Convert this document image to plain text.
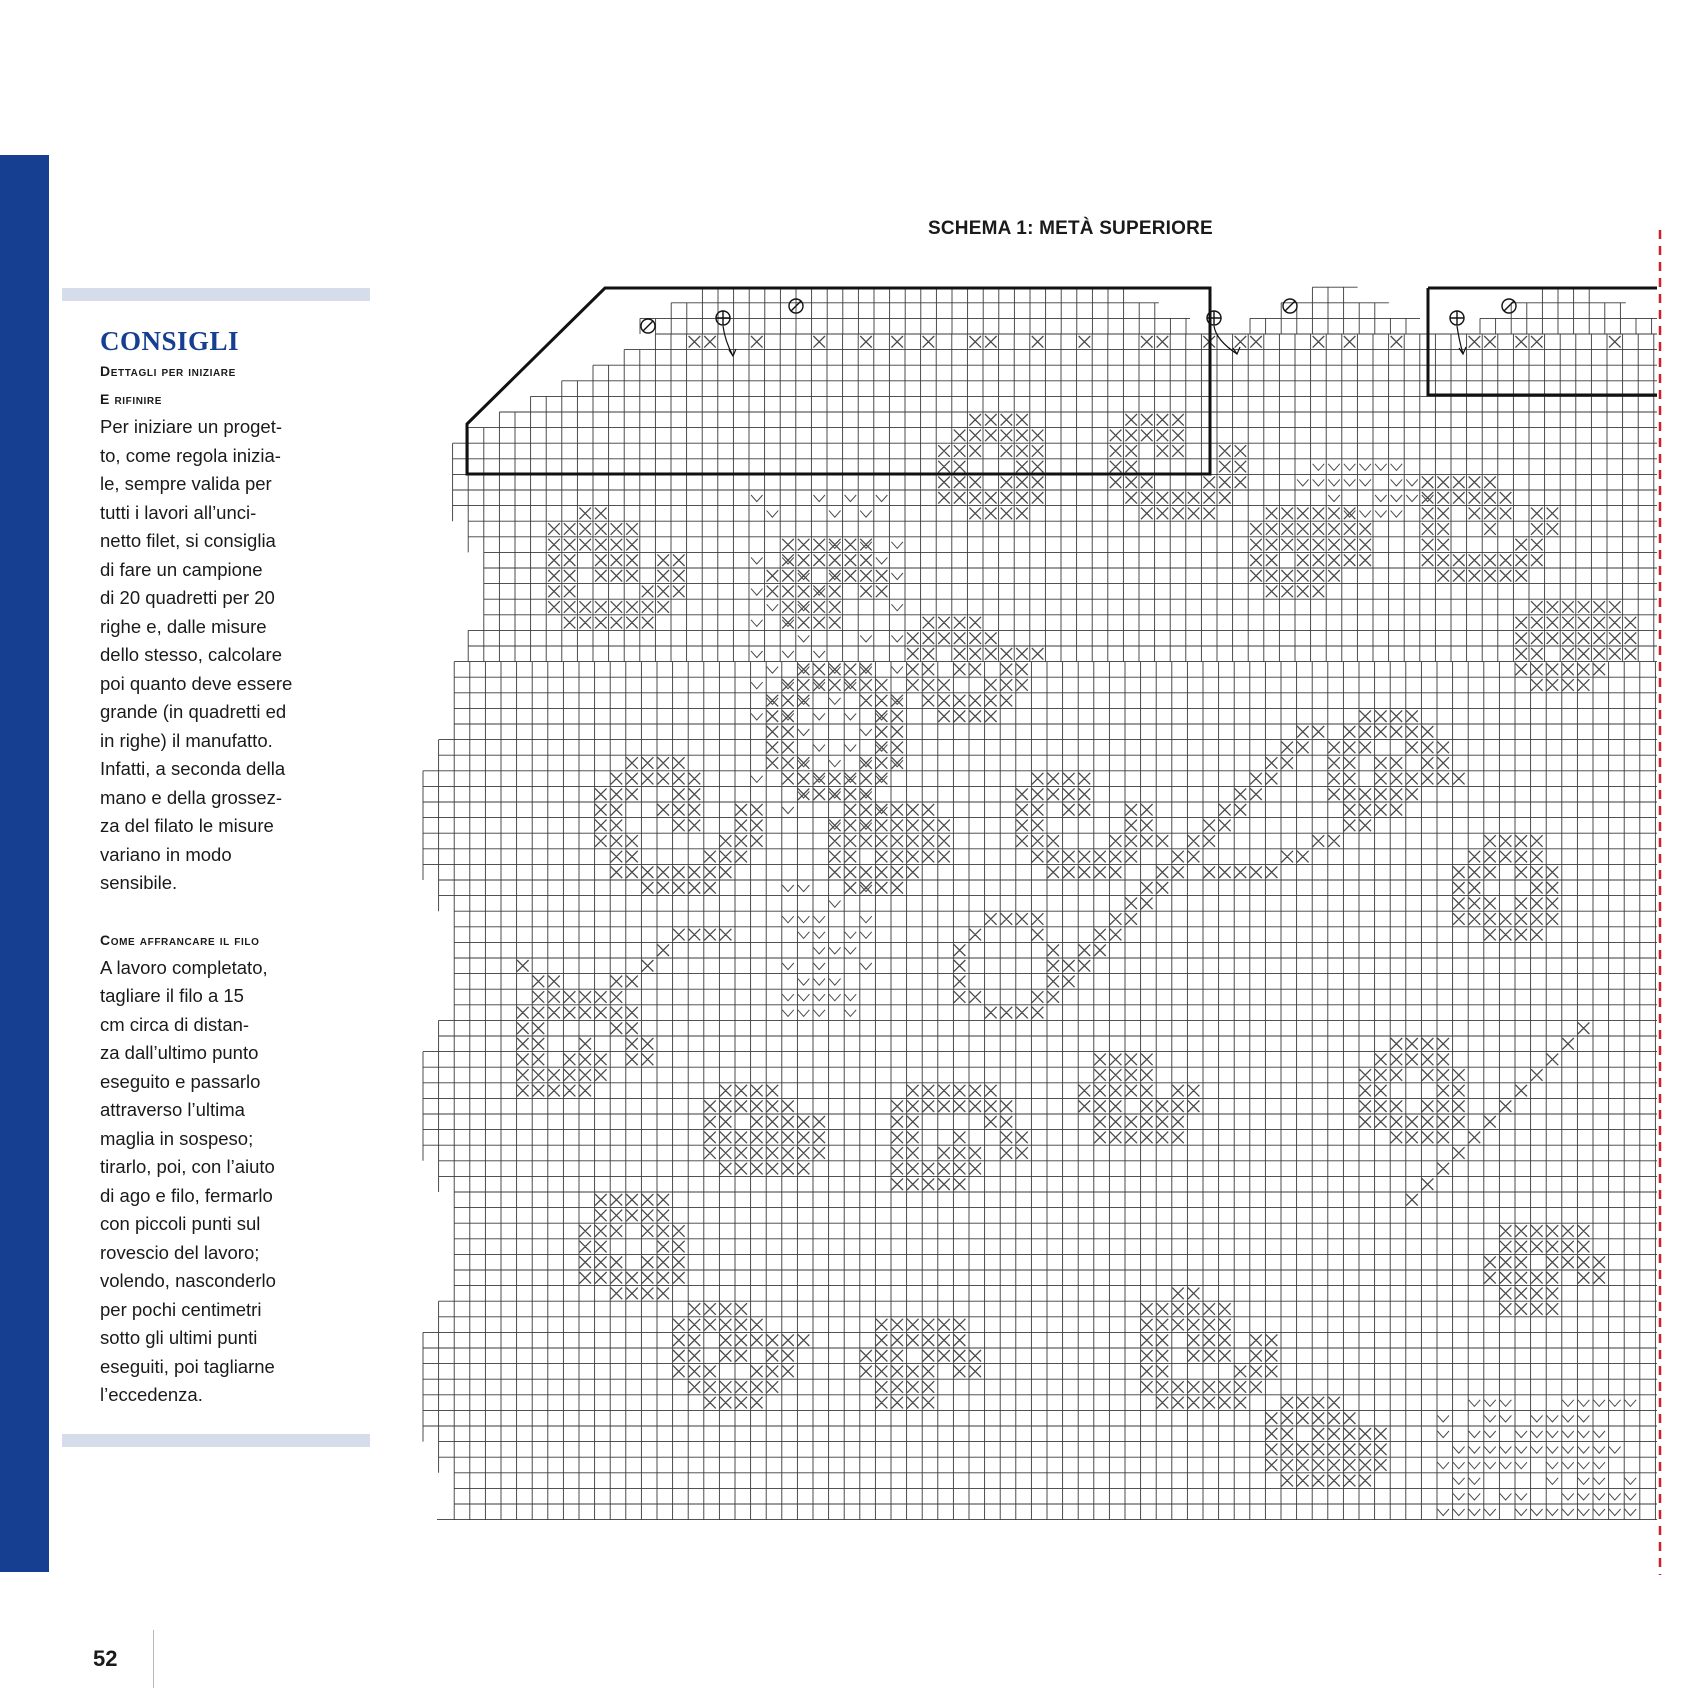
CONSIGLI
Dettagli per iniziare
E rifinire

Per iniziare un proget-
to, come regola inizia-
le, sempre valida per
tutti i lavori all’unci-
netto filet, si consiglia
di fare un campione
di 20 quadretti per 20
righe e, dalle misure
dello stesso, calcolare
poi quanto deve essere
grande (in quadretti ed
in righe) il manufatto.
Infatti, a seconda della
mano e della grossez-
za del filato le misure
variano in modo
sensibile.

Come affrancare il filo

A lavoro completato,
tagliare il filo a 15
cm circa di distan-
za dall’ultimo punto
eseguito e passarlo
attraverso l’ultima
maglia in sospeso;
tirarlo, poi, con l’aiuto
di ago e filo, fermarlo
con piccoli punti sul
rovescio del lavoro;
volendo, nasconderlo
per pochi centimetri
sotto gli ultimi punti
eseguiti, poi tagliarne
l’eccedenza.

SCHEMA 1: METÀ SUPERIORE
52
